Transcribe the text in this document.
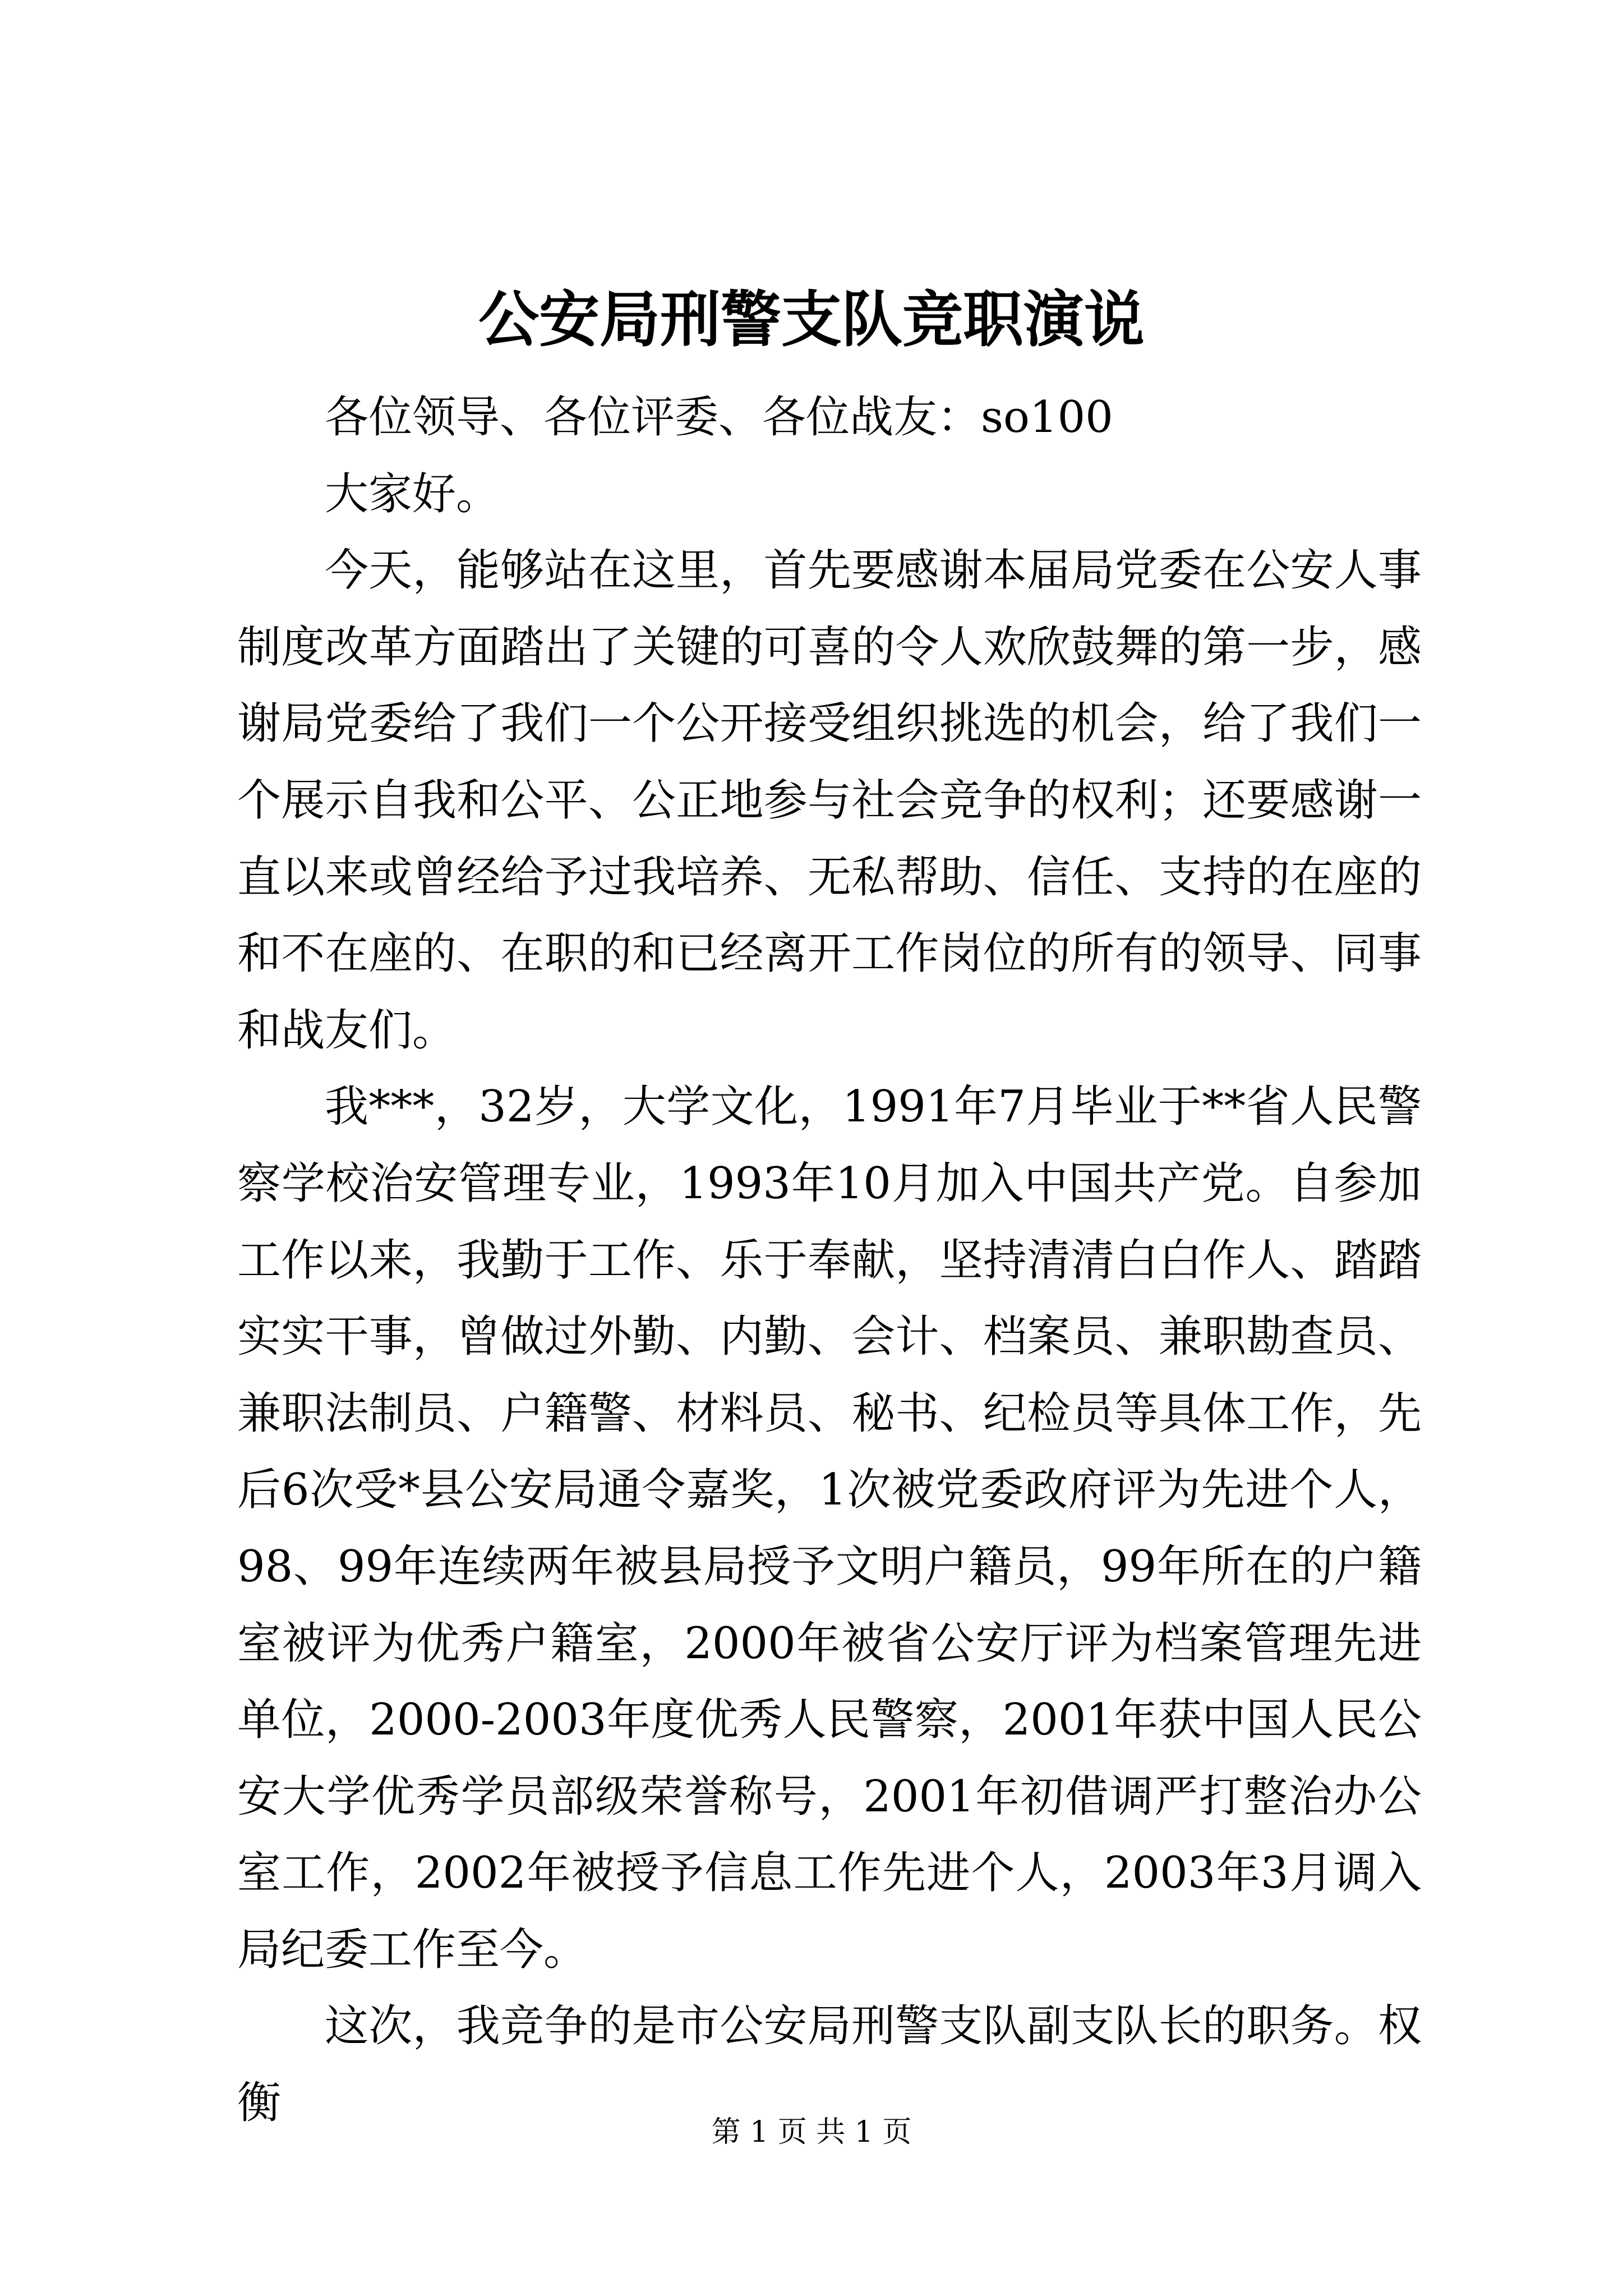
公安局刑警支队竞职演说

各位领导、各位评委、各位战友：so100

大家好。

今天，能够站在这里，首先要感谢本届局党委在公安人事制度改革方面踏出了关键的可喜的令人欢欣鼓舞的第一步，感谢局党委给了我们一个公开接受组织挑选的机会，给了我们一个展示自我和公平、公正地参与社会竞争的权利；还要感谢一直以来或曾经给予过我培养、无私帮助、信任、支持的在座的和不在座的、在职的和已经离开工作岗位的所有的领导、同事和战友们。

我***，32岁，大学文化，1991年7月毕业于**省人民警察学校治安管理专业，1993年10月加入中国共产党。自参加工作以来，我勤于工作、乐于奉献，坚持清清白白作人、踏踏实实干事，曾做过外勤、内勤、会计、档案员、兼职勘查员、兼职法制员、户籍警、材料员、秘书、纪检员等具体工作，先后6次受*县公安局通令嘉奖，1次被党委政府评为先进个人，98、99年连续两年被县局授予文明户籍员，99年所在的户籍室被评为优秀户籍室，2000年被省公安厅评为档案管理先进单位，2000-2003年度优秀人民警察，2001年获中国人民公安大学优秀学员部级荣誉称号，2001年初借调严打整治办公室工作，2002年被授予信息工作先进个人，2003年3月调入局纪委工作至今。

这次，我竞争的是市公安局刑警支队副支队长的职务。权衡

第 1 页 共 1 页
